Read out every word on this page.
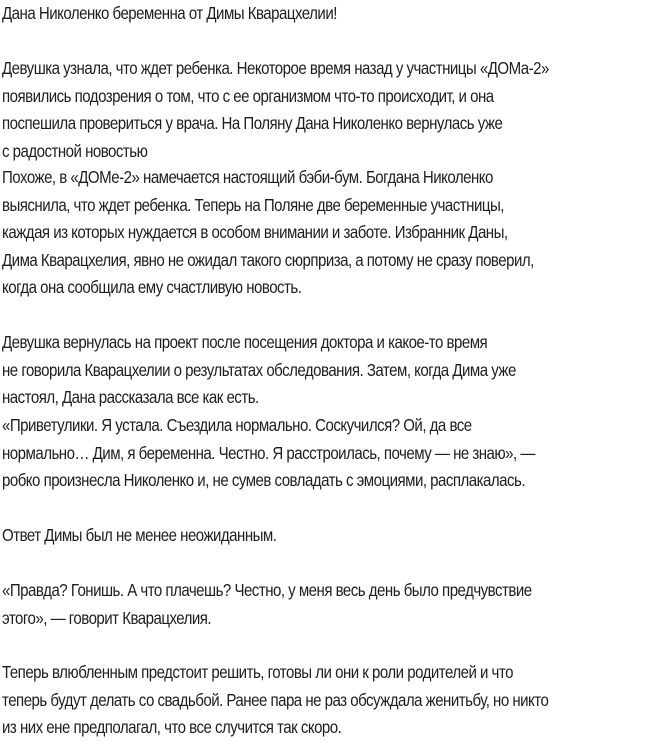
Дана Николенко беременна от Димы Кварацхелии!

Девушка узнала, что ждет ребенка. Некоторое время назад у участницы «ДОМа-2»
появились подозрения о том, что с ее организмом что-то происходит, и она
поспешила провериться у врача. На Поляну Дана Николенко вернулась уже
с радостной новостью

Похоже, в «ДОМе-2» намечается настоящий бэби-бум. Богдана Николенко
выяснила, что ждет ребенка. Теперь на Поляне две беременные участницы,
каждая из которых нуждается в особом внимании и заботе. Избранник Даны,
Дима Кварацхелия, явно не ожидал такого сюрприза, а потому не сразу поверил,
когда она сообщила ему счастливую новость.

Девушка вернулась на проект после посещения доктора и какое-то время
не говорила Кварацхелии о результатах обследования. Затем, когда Дима уже
настоял, Дана рассказала все как есть.

«Приветулики. Я устала. Съездила нормально. Соскучился? Ой, да все
нормально… Дим, я беременна. Честно. Я расстроилась, почему — не знаю», —
робко произнесла Николенко и, не сумев совладать с эмоциями, расплакалась.

Ответ Димы был не менее неожиданным.

«Правда? Гонишь. А что плачешь? Честно, у меня весь день было предчувствие
этого», — говорит Кварацхелия.

Теперь влюбленным предстоит решить, готовы ли они к роли родителей и что
теперь будут делать со свадьбой. Ранее пара не раз обсуждала женитьбу, но никто
из них ене предполагал, что все случится так скоро.
